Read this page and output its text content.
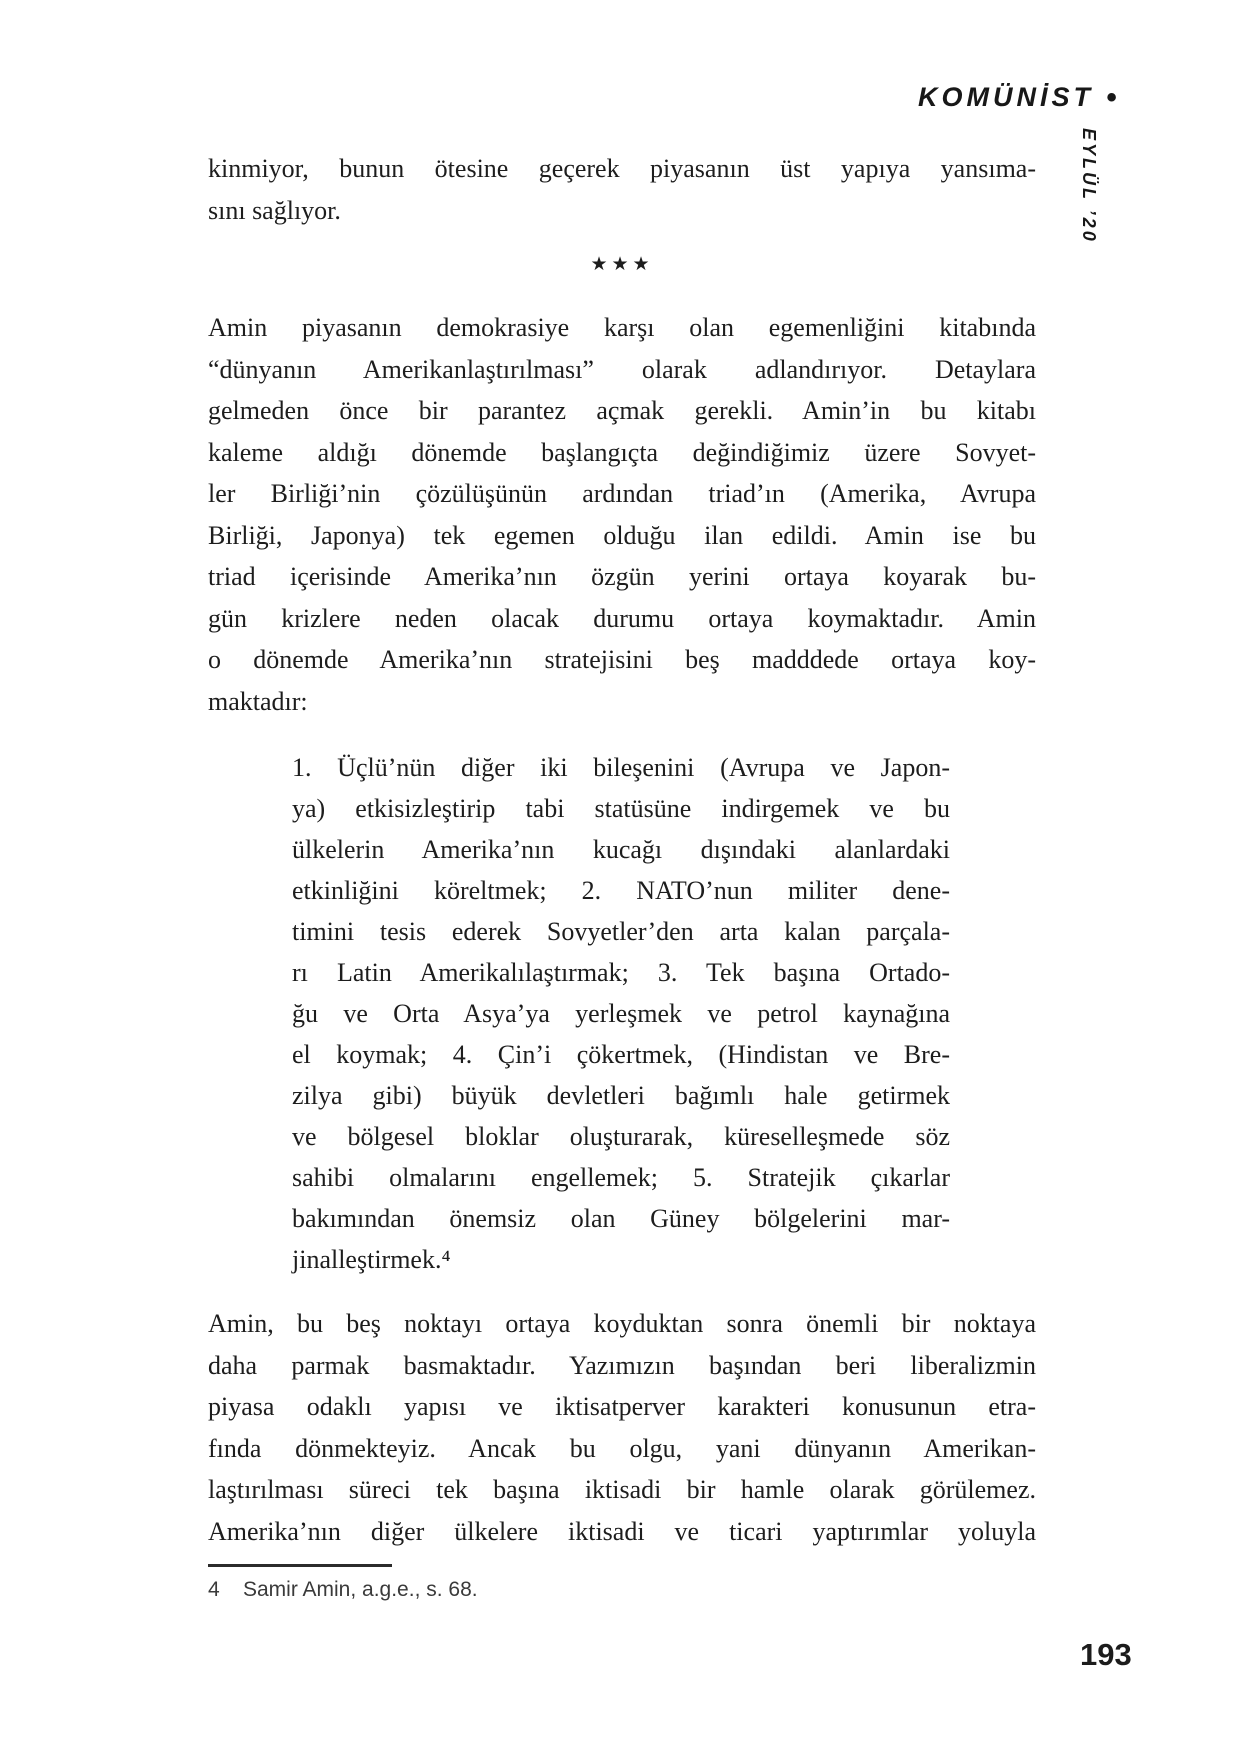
KOMÜNİST •
EYLÜL ’20
kinmiyor, bunun ötesine geçerek piyasanın üst yapıya yansıma-
sını sağlıyor.
★★★
Amin piyasanın demokrasiye karşı olan egemenliğini kitabında
“dünyanın Amerikanlaştırılması” olarak adlandırıyor. Detaylara
gelmeden önce bir parantez açmak gerekli. Amin’in bu kitabı
kaleme aldığı dönemde başlangıçta değindiğimiz üzere Sovyet-
ler Birliği’nin çözülüşünün ardından triad’ın (Amerika, Avrupa
Birliği, Japonya) tek egemen olduğu ilan edildi. Amin ise bu
triad içerisinde Amerika’nın özgün yerini ortaya koyarak bu-
gün krizlere neden olacak durumu ortaya koymaktadır. Amin
o dönemde Amerika’nın stratejisini beş madddede ortaya koy-
maktadır:
1. Üçlü’nün diğer iki bileşenini (Avrupa ve Japon-
ya) etkisizleştirip tabi statüsüne indirgemek ve bu
ülkelerin Amerika’nın kucağı dışındaki alanlardaki
etkinliğini köreltmek; 2. NATO’nun militer dene-
timini tesis ederek Sovyetler’den arta kalan parçala-
rı Latin Amerikalılaştırmak; 3. Tek başına Ortado-
ğu ve Orta Asya’ya yerleşmek ve petrol kaynağına
el koymak; 4. Çin’i çökertmek, (Hindistan ve Bre-
zilya gibi) büyük devletleri bağımlı hale getirmek
ve bölgesel bloklar oluşturarak, küreselleşmede söz
sahibi olmalarını engellemek; 5. Stratejik çıkarlar
bakımından önemsiz olan Güney bölgelerini mar-
jinalleştirmek.⁴
Amin, bu beş noktayı ortaya koyduktan sonra önemli bir noktaya
daha parmak basmaktadır. Yazımızın başından beri liberalizmin
piyasa odaklı yapısı ve iktisatperver karakteri konusunun etra-
fında dönmekteyiz. Ancak bu olgu, yani dünyanın Amerikan-
laştırılması süreci tek başına iktisadi bir hamle olarak görülemez.
Amerika’nın diğer ülkelere iktisadi ve ticari yaptırımlar yoluyla
4 Samir Amin, a.g.e., s. 68.
193
